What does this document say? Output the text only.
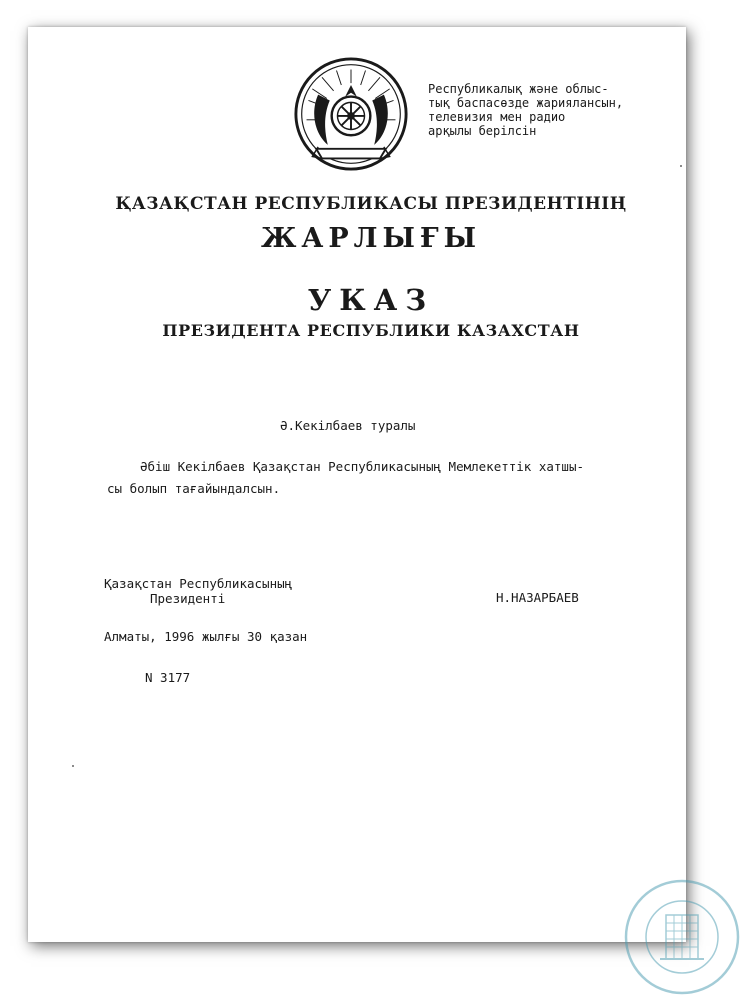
Республикалық және облыс-
тық баспасөзде жариялансын,
телевизия мен радио
арқылы берілсін
ҚАЗАҚСТАН РЕСПУБЛИКАСЫ ПРЕЗИДЕНТІНІҢ
ЖАРЛЫҒЫ
УКАЗ
ПРЕЗИДЕНТА РЕСПУБЛИКИ КАЗАХСТАН
Ә.Кекілбаев туралы
Әбіш Кекілбаев Қазақстан Республикасының Мемлекеттік хатшы-
сы болып тағайындалсын.
Қазақстан Республикасының
Президенті	Н.НАЗАРБАЕВ
Алматы, 1996 жылғы 30 қазан
N 3177
